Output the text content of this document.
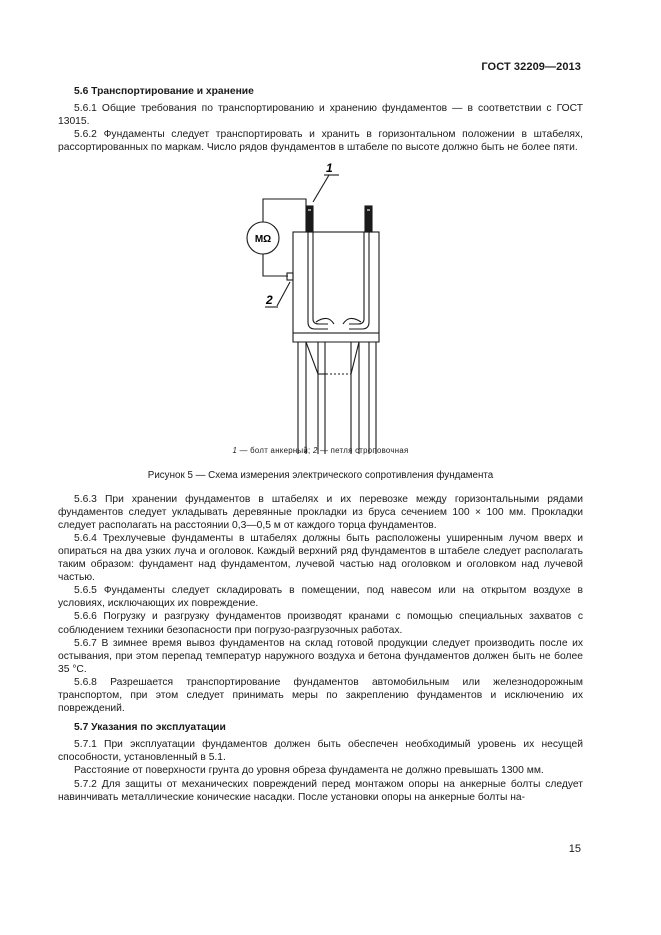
ГОСТ 32209—2013
5.6 Транспортирование и хранение

5.6.1 Общие требования по транспортированию и хранению фундаментов — в соответствии с ГОСТ 13015.

5.6.2 Фундаменты следует транспортировать и хранить в горизонтальном положении в штабелях, рассортированных по маркам. Число рядов фундаментов в штабеле по высоте должно быть не более пяти.

MΩ
1
2
1 — болт анкерный; 2 — петля строповочная
Рисунок 5 — Схема измерения электрического сопротивления фундамента

5.6.3 При хранении фундаментов в штабелях и их перевозке между горизонтальными рядами фундаментов следует укладывать деревянные прокладки из бруса сечением 100 × 100 мм. Прокладки следует располагать на расстоянии 0,3—0,5 м от каждого торца фундаментов.

5.6.4 Трехлучевые фундаменты в штабелях должны быть расположены уширенным лучом вверх и опираться на два узких луча и оголовок. Каждый верхний ряд фундаментов в штабеле следует располагать таким образом: фундамент над фундаментом, лучевой частью над оголовком и оголовком над лучевой частью.

5.6.5 Фундаменты следует складировать в помещении, под навесом или на открытом воздухе в условиях, исключающих их повреждение.

5.6.6 Погрузку и разгрузку фундаментов производят кранами с помощью специальных захватов с соблюдением техники безопасности при погрузо-разгрузочных работах.

5.6.7 В зимнее время вывоз фундаментов на склад готовой продукции следует производить после их остывания, при этом перепад температур наружного воздуха и бетона фундаментов должен быть не более 35 °С.

5.6.8 Разрешается транспортирование фундаментов автомобильным или железнодорожным транспортом, при этом следует принимать меры по закреплению фундаментов и исключению их повреждений.

5.7 Указания по эксплуатации

5.7.1 При эксплуатации фундаментов должен быть обеспечен необходимый уровень их несущей способности, установленный в 5.1.

Расстояние от поверхности грунта до уровня обреза фундамента не должно превышать 1300 мм.

5.7.2 Для защиты от механических повреждений перед монтажом опоры на анкерные болты следует навинчивать металлические конические насадки. После установки опоры на анкерные болты на-

15
